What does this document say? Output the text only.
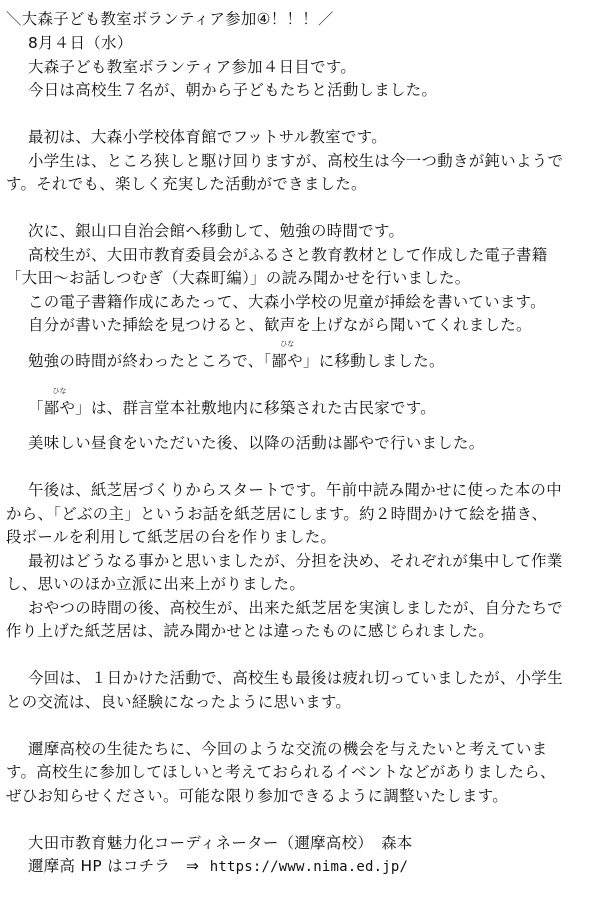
＼大森子ども教室ボランティア参加④！！！／
8月４日（水）
大森子ども教室ボランティア参加４日目です。
今日は高校生７名が、朝から子どもたちと活動しました。
最初は、大森小学校体育館でフットサル教室です。
小学生は、ところ狭しと駆け回りますが、高校生は今一つ動きが鈍いようで
す。それでも、楽しく充実した活動ができました。
次に、銀山口自治会館へ移動して、勉強の時間です。
高校生が、大田市教育委員会がふるさと教育教材として作成した電子書籍
「大田～お話しつむぎ（大森町編）」の読み聞かせを行いました。
この電子書籍作成にあたって、大森小学校の児童が挿絵を書いています。
自分が書いた挿絵を見つけると、歓声を上げながら聞いてくれました。
勉強の時間が終わったところで、「
ひな
鄙や」に移動しました。
「
ひな
鄙や」は、群言堂本社敷地内に移築された古民家です。
美味しい昼食をいただいた後、以降の活動は鄙やで行いました。
午後は、紙芝居づくりからスタートです。午前中読み聞かせに使った本の中
から、「どぶの主」というお話を紙芝居にします。約２時間かけて絵を描き、
段ボールを利用して紙芝居の台を作りました。
最初はどうなる事かと思いましたが、分担を決め、それぞれが集中して作業
し、思いのほか立派に出来上がりました。
おやつの時間の後、高校生が、出来た紙芝居を実演しましたが、自分たちで
作り上げた紙芝居は、読み聞かせとは違ったものに感じられました。
今回は、１日かけた活動で、高校生も最後は疲れ切っていましたが、小学生
との交流は、良い経験になったように思います。
邇摩高校の生徒たちに、今回のような交流の機会を与えたいと考えていま
す。高校生に参加してほしいと考えておられるイベントなどがありましたら、
ぜひお知らせください。可能な限り参加できるように調整いたします。
大田市教育魅力化コーディネーター（邇摩高校）　森本
邇摩高 HP はコチラ　⇒ https://www.nima.ed.jp/
